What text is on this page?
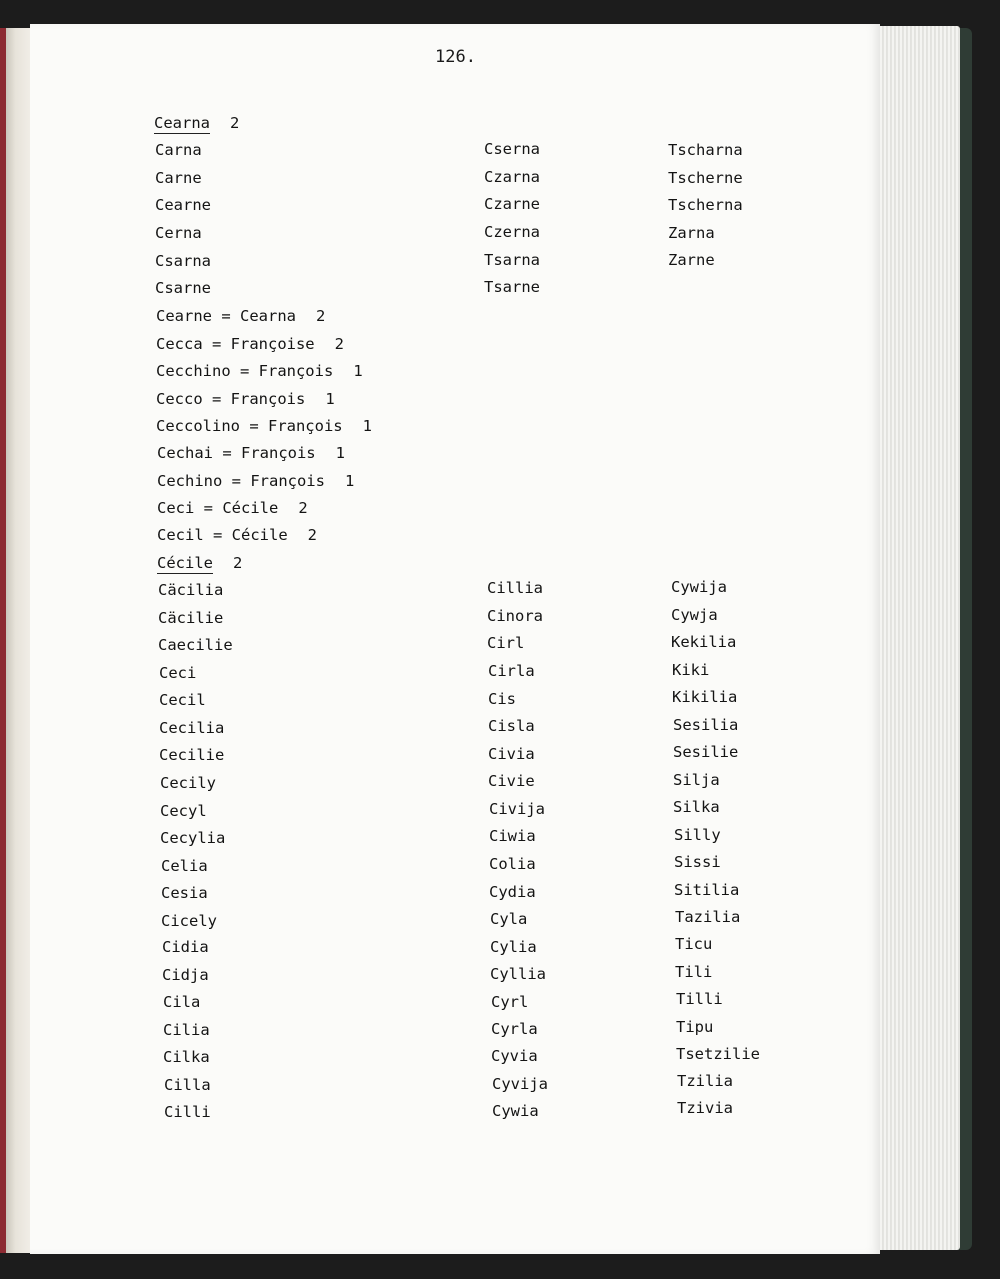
126.
Cearna 2
Carna
Carne
Cearne
Cerna
Csarna
Csarne
Cserna
Czarna
Czarne
Czerna
Tsarna
Tsarne
Tscharna
Tscherne
Tscherna
Zarna
Zarne
Cearne = Cearna 2
Cecca = Françoise 2
Cecchino = François 1
Cecco = François 1
Ceccolino = François 1
Cechai = François 1
Cechino = François 1
Ceci = Cécile 2
Cecil = Cécile 2
Cécile 2
Cäcilia
Cäcilie
Caecilie
Ceci
Cecil
Cecilia
Cecilie
Cecily
Cecyl
Cecylia
Celia
Cesia
Cicely
Cidia
Cidja
Cila
Cilia
Cilka
Cilla
Cilli
Cillia
Cinora
Cirl
Cirla
Cis
Cisla
Civia
Civie
Civija
Ciwia
Colia
Cydia
Cyla
Cylia
Cyllia
Cyrl
Cyrla
Cyvia
Cyvija
Cywia
Cywija
Cywja
Kekilia
Kiki
Kikilia
Sesilia
Sesilie
Silja
Silka
Silly
Sissi
Sitilia
Tazilia
Ticu
Tili
Tilli
Tipu
Tsetzilie
Tzilia
Tzivia
